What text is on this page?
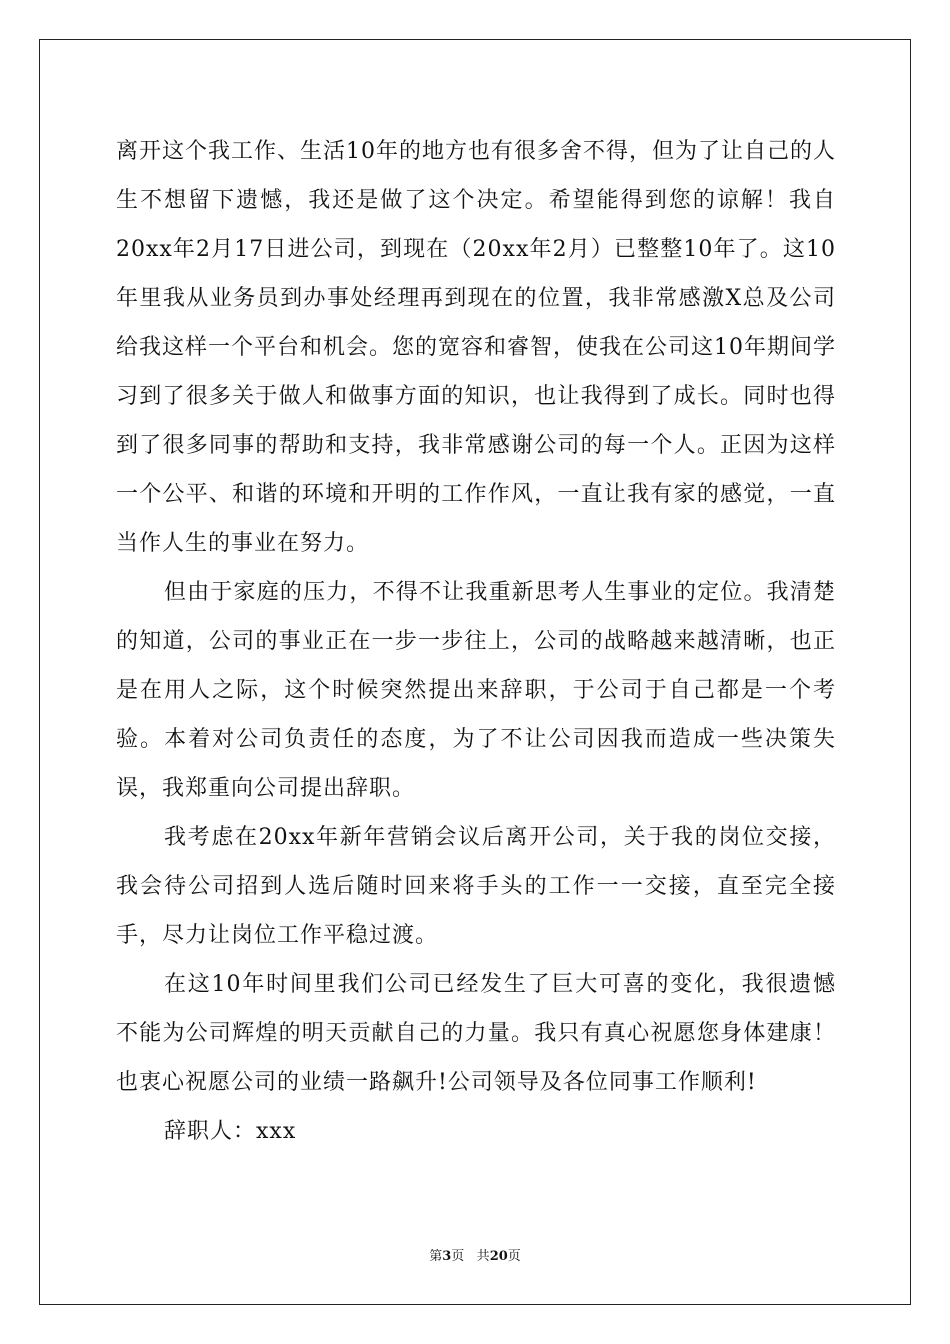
离开这个我工作、生活10年的地方也有很多舍不得，但为了让自己的人生不想留下遗憾，我还是做了这个决定。希望能得到您的谅解！我自20xx年2月17日进公司，到现在（20xx年2月）已整整10年了。这10年里我从业务员到办事处经理再到现在的位置，我非常感激X总及公司给我这样一个平台和机会。您的宽容和睿智，使我在公司这10年期间学习到了很多关于做人和做事方面的知识，也让我得到了成长。同时也得到了很多同事的帮助和支持，我非常感谢公司的每一个人。正因为这样一个公平、和谐的环境和开明的工作作风，一直让我有家的感觉，一直当作人生的事业在努力。

但由于家庭的压力，不得不让我重新思考人生事业的定位。我清楚的知道，公司的事业正在一步一步往上，公司的战略越来越清晰，也正是在用人之际，这个时候突然提出来辞职，于公司于自己都是一个考验。本着对公司负责任的态度，为了不让公司因我而造成一些决策失误，我郑重向公司提出辞职。

我考虑在20xx年新年营销会议后离开公司，关于我的岗位交接，我会待公司招到人选后随时回来将手头的工作一一交接，直至完全接手，尽力让岗位工作平稳过渡。

在这10年时间里我们公司已经发生了巨大可喜的变化，我很遗憾不能为公司辉煌的明天贡献自己的力量。我只有真心祝愿您身体建康！也衷心祝愿公司的业绩一路飙升!公司领导及各位同事工作顺利!

辞职人：xxx

第3页 共20页
